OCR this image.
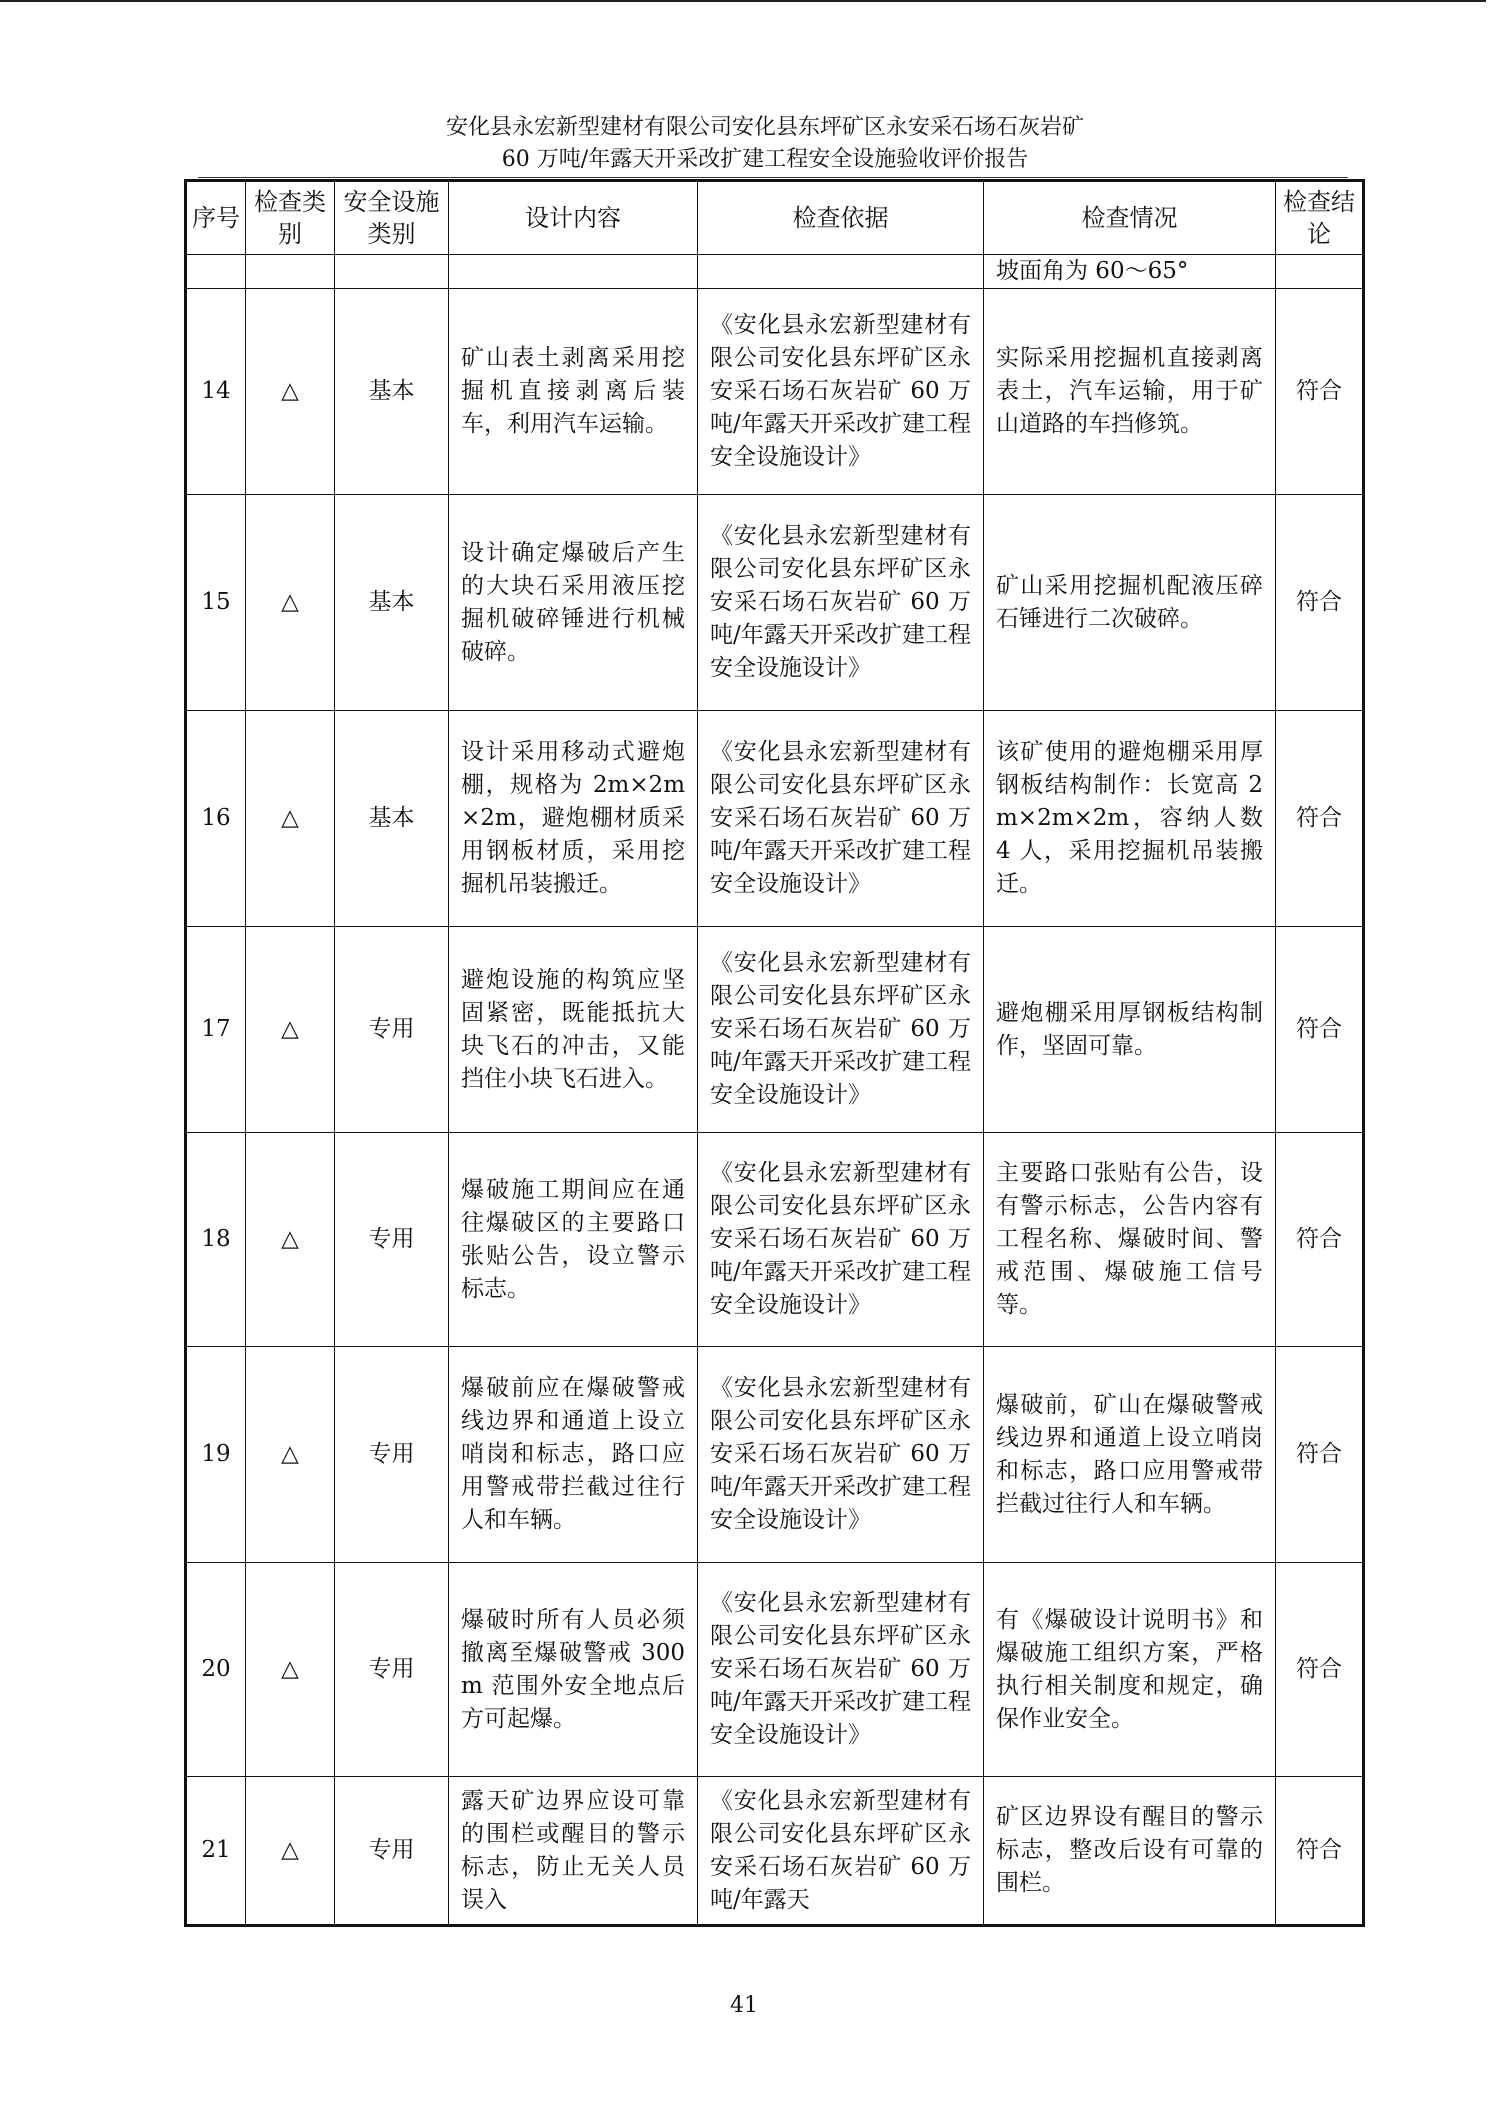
安化县永宏新型建材有限公司安化县东坪矿区永安采石场石灰岩矿
60 万吨/年露天开采改扩建工程安全设施验收评价报告
序号	检查类别	安全设施类别	设计内容	检查依据	检查情况	检查结论
					坡面角为 60～65°	
14	△	基本	矿山表土剥离采用挖掘机直接剥离后装车，利用汽车运输。	《安化县永宏新型建材有限公司安化县东坪矿区永安采石场石灰岩矿 60 万吨/年露天开采改扩建工程安全设施设计》	实际采用挖掘机直接剥离表土，汽车运输，用于矿山道路的车挡修筑。	符合
15	△	基本	设计确定爆破后产生的大块石采用液压挖掘机破碎锤进行机械破碎。	《安化县永宏新型建材有限公司安化县东坪矿区永安采石场石灰岩矿 60 万吨/年露天开采改扩建工程安全设施设计》	矿山采用挖掘机配液压碎石锤进行二次破碎。	符合
16	△	基本	设计采用移动式避炮棚，规格为 2m×2m×2m，避炮棚材质采用钢板材质，采用挖掘机吊装搬迁。	《安化县永宏新型建材有限公司安化县东坪矿区永安采石场石灰岩矿 60 万吨/年露天开采改扩建工程安全设施设计》	该矿使用的避炮棚采用厚钢板结构制作：长宽高 2m×2m×2m，容纳人数 4 人，采用挖掘机吊装搬迁。	符合
17	△	专用	避炮设施的构筑应坚固紧密，既能抵抗大块飞石的冲击，又能挡住小块飞石进入。	《安化县永宏新型建材有限公司安化县东坪矿区永安采石场石灰岩矿 60 万吨/年露天开采改扩建工程安全设施设计》	避炮棚采用厚钢板结构制作，坚固可靠。	符合
18	△	专用	爆破施工期间应在通往爆破区的主要路口张贴公告，设立警示标志。	《安化县永宏新型建材有限公司安化县东坪矿区永安采石场石灰岩矿 60 万吨/年露天开采改扩建工程安全设施设计》	主要路口张贴有公告，设有警示标志，公告内容有工程名称、爆破时间、警戒范围、爆破施工信号等。	符合
19	△	专用	爆破前应在爆破警戒线边界和通道上设立哨岗和标志，路口应用警戒带拦截过往行人和车辆。	《安化县永宏新型建材有限公司安化县东坪矿区永安采石场石灰岩矿 60 万吨/年露天开采改扩建工程安全设施设计》	爆破前，矿山在爆破警戒线边界和通道上设立哨岗和标志，路口应用警戒带拦截过往行人和车辆。	符合
20	△	专用	爆破时所有人员必须撤离至爆破警戒 300m 范围外安全地点后方可起爆。	《安化县永宏新型建材有限公司安化县东坪矿区永安采石场石灰岩矿 60 万吨/年露天开采改扩建工程安全设施设计》	有《爆破设计说明书》和爆破施工组织方案，严格执行相关制度和规定，确保作业安全。	符合
21	△	专用	露天矿边界应设可靠的围栏或醒目的警示标志，防止无关人员误入	《安化县永宏新型建材有限公司安化县东坪矿区永安采石场石灰岩矿 60 万吨/年露天	矿区边界设有醒目的警示标志，整改后设有可靠的围栏。	符合
41
